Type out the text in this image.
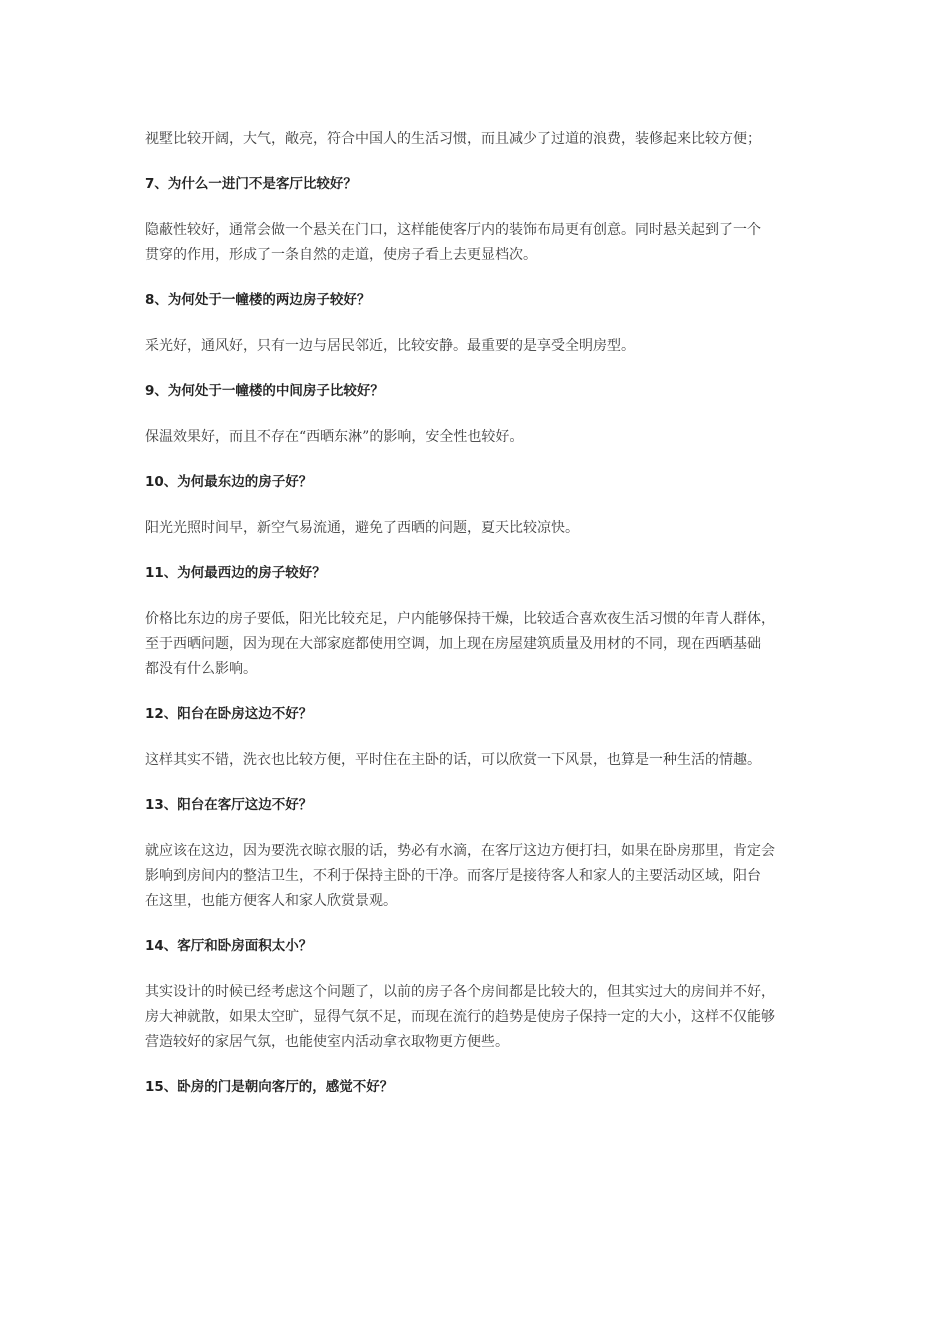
视墅比较开阔，大气，敞亮，符合中国人的生活习惯，而且减少了过道的浪费，装修起来比较方便；

7、为什么一进门不是客厅比较好？

隐蔽性较好，通常会做一个悬关在门口，这样能使客厅内的装饰布局更有创意。同时悬关起到了一个
贯穿的作用，形成了一条自然的走道，使房子看上去更显档次。

8、为何处于一幢楼的两边房子较好？

采光好，通风好，只有一边与居民邻近，比较安静。最重要的是享受全明房型。

9、为何处于一幢楼的中间房子比较好？

保温效果好，而且不存在“西晒东淋”的影响，安全性也较好。

10、为何最东边的房子好？

阳光光照时间早，新空气易流通，避免了西晒的问题，夏天比较凉快。

11、为何最西边的房子较好？

价格比东边的房子要低，阳光比较充足，户内能够保持干燥，比较适合喜欢夜生活习惯的年青人群体，
至于西晒问题，因为现在大部家庭都使用空调，加上现在房屋建筑质量及用材的不同，现在西晒基础
都没有什么影响。

12、阳台在卧房这边不好？

这样其实不错，洗衣也比较方便，平时住在主卧的话，可以欣赏一下风景，也算是一种生活的情趣。

13、阳台在客厅这边不好？

就应该在这边，因为要洗衣晾衣服的话，势必有水滴，在客厅这边方便打扫，如果在卧房那里，肯定会
影响到房间内的整洁卫生，不利于保持主卧的干净。而客厅是接待客人和家人的主要活动区域，阳台
在这里，也能方便客人和家人欣赏景观。

14、客厅和卧房面积太小？

其实设计的时候已经考虑这个问题了，以前的房子各个房间都是比较大的，但其实过大的房间并不好，
房大神就散，如果太空旷，显得气氛不足，而现在流行的趋势是使房子保持一定的大小，这样不仅能够
营造较好的家居气氛，也能使室内活动拿衣取物更方便些。

15、卧房的门是朝向客厅的，感觉不好？
